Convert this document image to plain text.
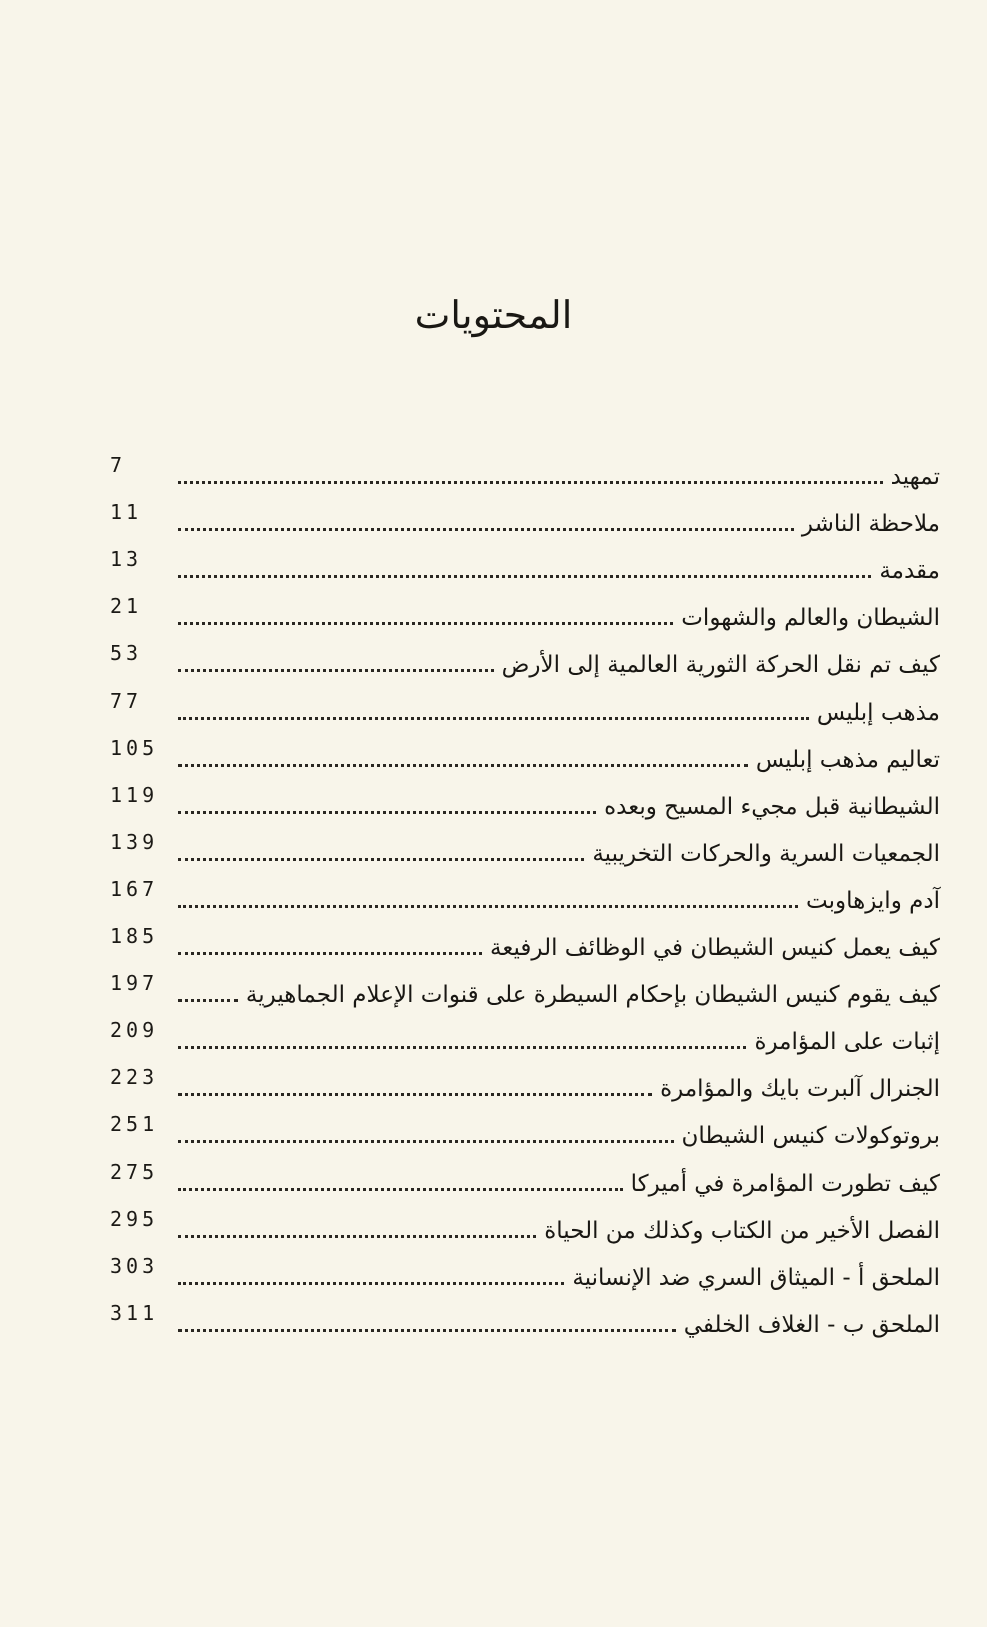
المحتويات
تمهيد
7
ملاحظة الناشر
11
مقدمة
13
الشيطان والعالم والشهوات
21
كيف تم نقل الحركة الثورية العالمية إلى الأرض
53
مذهب إبليس
77
تعاليم مذهب إبليس
105
الشيطانية قبل مجيء المسيح وبعده
119
الجمعيات السرية والحركات التخريبية
139
آدم وايزهاوبت
167
كيف يعمل كنيس الشيطان في الوظائف الرفيعة
185
كيف يقوم كنيس الشيطان بإحكام السيطرة على قنوات الإعلام الجماهيرية
197
إثبات على المؤامرة
209
الجنرال آلبرت بايك والمؤامرة
223
بروتوكولات كنيس الشيطان
251
كيف تطورت المؤامرة في أميركا
275
الفصل الأخير من الكتاب وكذلك من الحياة
295
الملحق أ - الميثاق السري ضد الإنسانية
303
الملحق ب - الغلاف الخلفي
311
